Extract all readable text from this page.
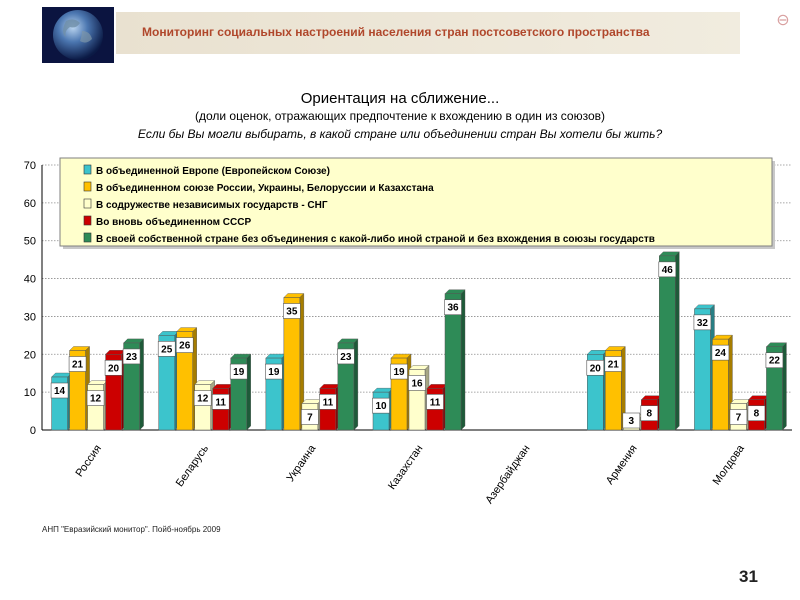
Мониторинг социальных настроений населения стран постсоветского пространства
⊖
Ориентация на сближение...
(доли оценок, отражающих предпочтение к вхождению в один из союзов)
Если бы Вы могли выбирать, в какой стране или объединении стран Вы хотели бы жить?
0
10
20
30
40
50
60
70
14
21
12
20
23
Россия
25 26
12 11
19
Беларусь
19
35
7
11
23
Украина
10
19
16
11
36
Казахстан	Азербайджан
20 21
3
8
46
Армения
32
24
7 8
22
Молдова
В объединенной Европе (Европейском Союзе)
В объединенном союзе России, Украины, Белоруссии и Казахстана
В содружестве независимых государств - СНГ
Во вновь объединенном СССР
В своей собственной стране без объединения с какой-либо иной страной и без вхождения в союзы государств
АНП "Евразийский монитор". Пойб-ноябрь 2009
31
